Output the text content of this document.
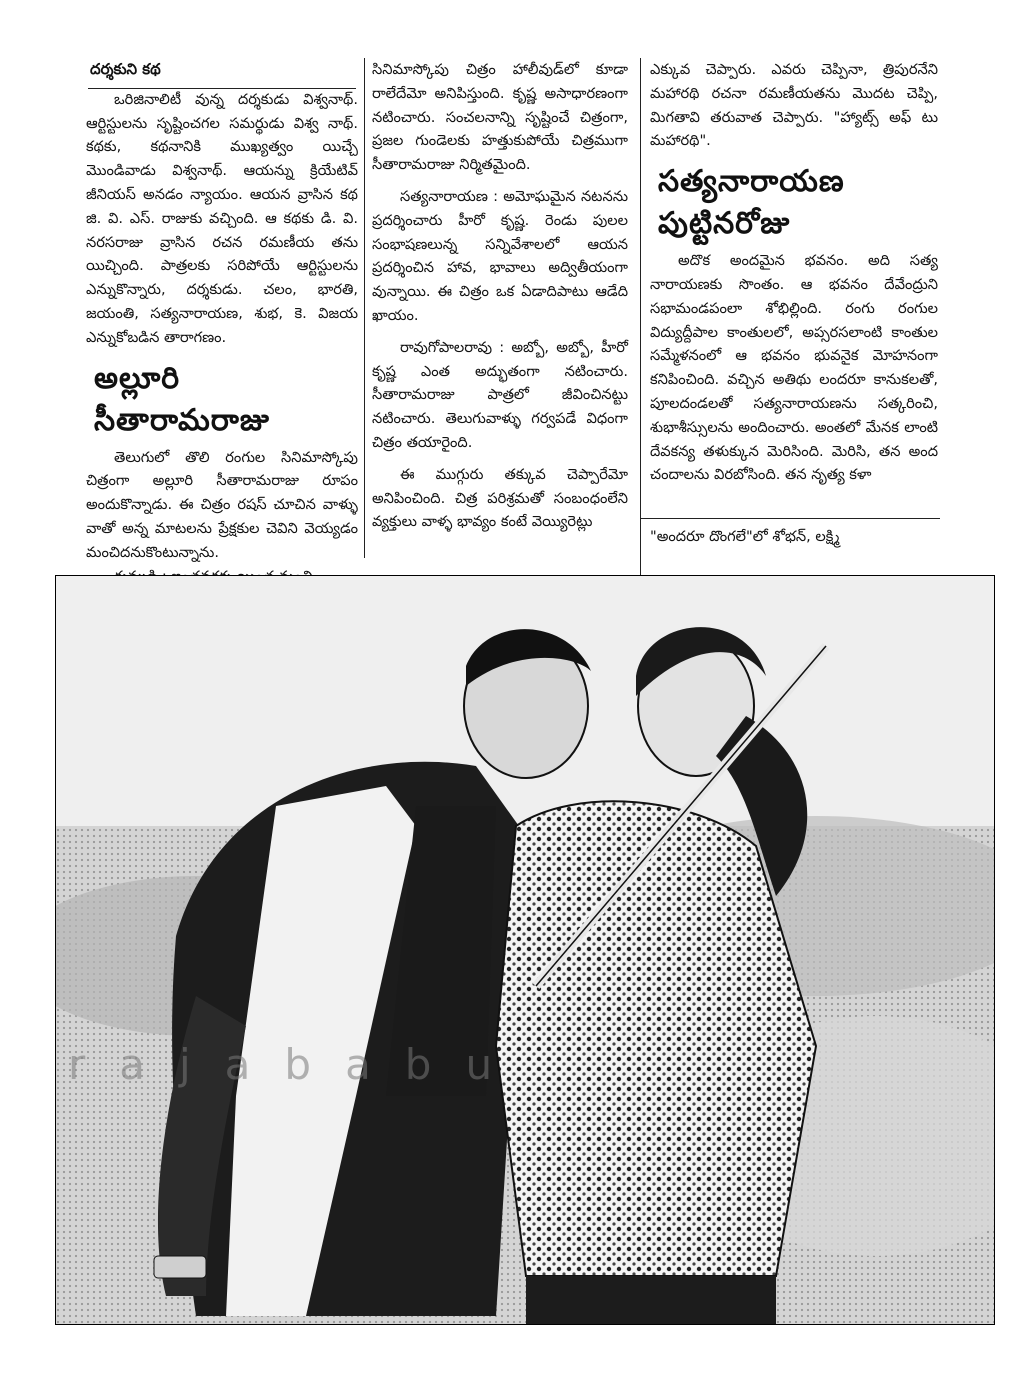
దర్శకుని కథ

ఒరిజినాలిటీ వున్న దర్శకుడు విశ్వనాథ్. ఆర్టిస్టులను సృష్టించగల సమర్థుడు విశ్వ నాథ్. కథకు, కథనానికి ముఖ్యత్వం యిచ్చే మొండివాడు విశ్వనాథ్. ఆయన్ను క్రియేటివ్ జీనియస్ అనడం న్యాయం. ఆయన వ్రాసిన కథ జి. వి. ఎస్. రాజుకు వచ్చింది. ఆ కథకు డి. వి. నరసరాజు వ్రాసిన రచన రమణీయ తను యిచ్చింది. పాత్రలకు సరిపోయే ఆర్టిస్టులను ఎన్నుకొన్నారు, దర్శకుడు. చలం, భారతి, జయంతి, సత్యనారాయణ, శుభ, కె. విజయ ఎన్నుకోబడిన తారాగణం.

అల్లూరి సీతారామరాజు

తెలుగులో తొలి రంగుల సినిమాస్కోపు చిత్రంగా అల్లూరి సీతారామరాజు రూపం అందుకొన్నాడు. ఈ చిత్రం రషస్ చూచిన వాళ్ళు వాతో అన్న మాటలను ప్రేక్షకుల చెవిని వెయ్యడం మంచిదనుకొంటున్నాను.

సినిమాస్కోపు చిత్రం హాలీవుడ్‌లో కూడా రాలేదేమో అనిపిస్తుంది. కృష్ణ అసాధారణంగా నటించారు. సంచలనాన్ని సృష్టించే చిత్రంగా, ప్రజల గుండెలకు హత్తుకుపోయే చిత్రముగా సీతారామరాజు నిర్మితమైంది.

సత్యనారాయణ : అమోఘమైన నటనను ప్రదర్శించారు హీరో కృష్ణ. రెండు పులల సంభాషణలున్న సన్నివేశాలలో ఆయన ప్రదర్శించిన హావ, భావాలు అద్వితీయంగా వున్నాయి. ఈ చిత్రం ఒక ఏడాదిపాటు ఆడేది ఖాయం.

రావుగోపాలరావు : అబ్బో, అబ్బో, హీరో కృష్ణ ఎంత అద్భుతంగా నటించారు. సీతారామరాజు పాత్రలో జీవించినట్టు నటించారు. తెలుగువాళ్ళు గర్వపడే విధంగా చిత్రం తయారైంది.

ఈ ముగ్గురు తక్కువ చెప్పారేమో అనిపించింది. చిత్ర పరిశ్రమతో సంబంధంలేని వ్యక్తులు వాళ్ళ భావ్యం కంటే వెయ్యిరెట్లు

ఎక్కువ చెప్పారు. ఎవరు చెప్పినా, త్రిపురనేని మహారథి రచనా రమణీయతను మొదట చెప్పి, మిగతావి తరువాత చెప్పారు. "హ్యాట్స్ అఫ్ టు మహారథి".

సత్యనారాయణ పుట్టినరోజు

అదొక అందమైన భవనం. అది సత్య నారాయణకు సొంతం. ఆ భవనం దేవేంద్రుని సభామండపంలా శోభిల్లింది. రంగు రంగుల విద్యుద్దీపాల కాంతులలో, అప్సరసలాంటి కాంతుల సమ్మేళనంలో ఆ భవనం భువనైక మోహనంగా కనిపించింది. వచ్చిన అతిథు లందరూ కానుకలతో, పూలదండలతో సత్యనారాయణను సత్కరించి, శుభాశీస్సులను అందించారు. అంతలో మేనక లాంటి దేవకన్య తళుక్కున మెరిసింది. మెరిసి, తన అంద చందాలను విరబోసింది. తన నృత్య కళా

"అందరూ దొంగలే"లో శోభన్, లక్ష్మి
rajababu
